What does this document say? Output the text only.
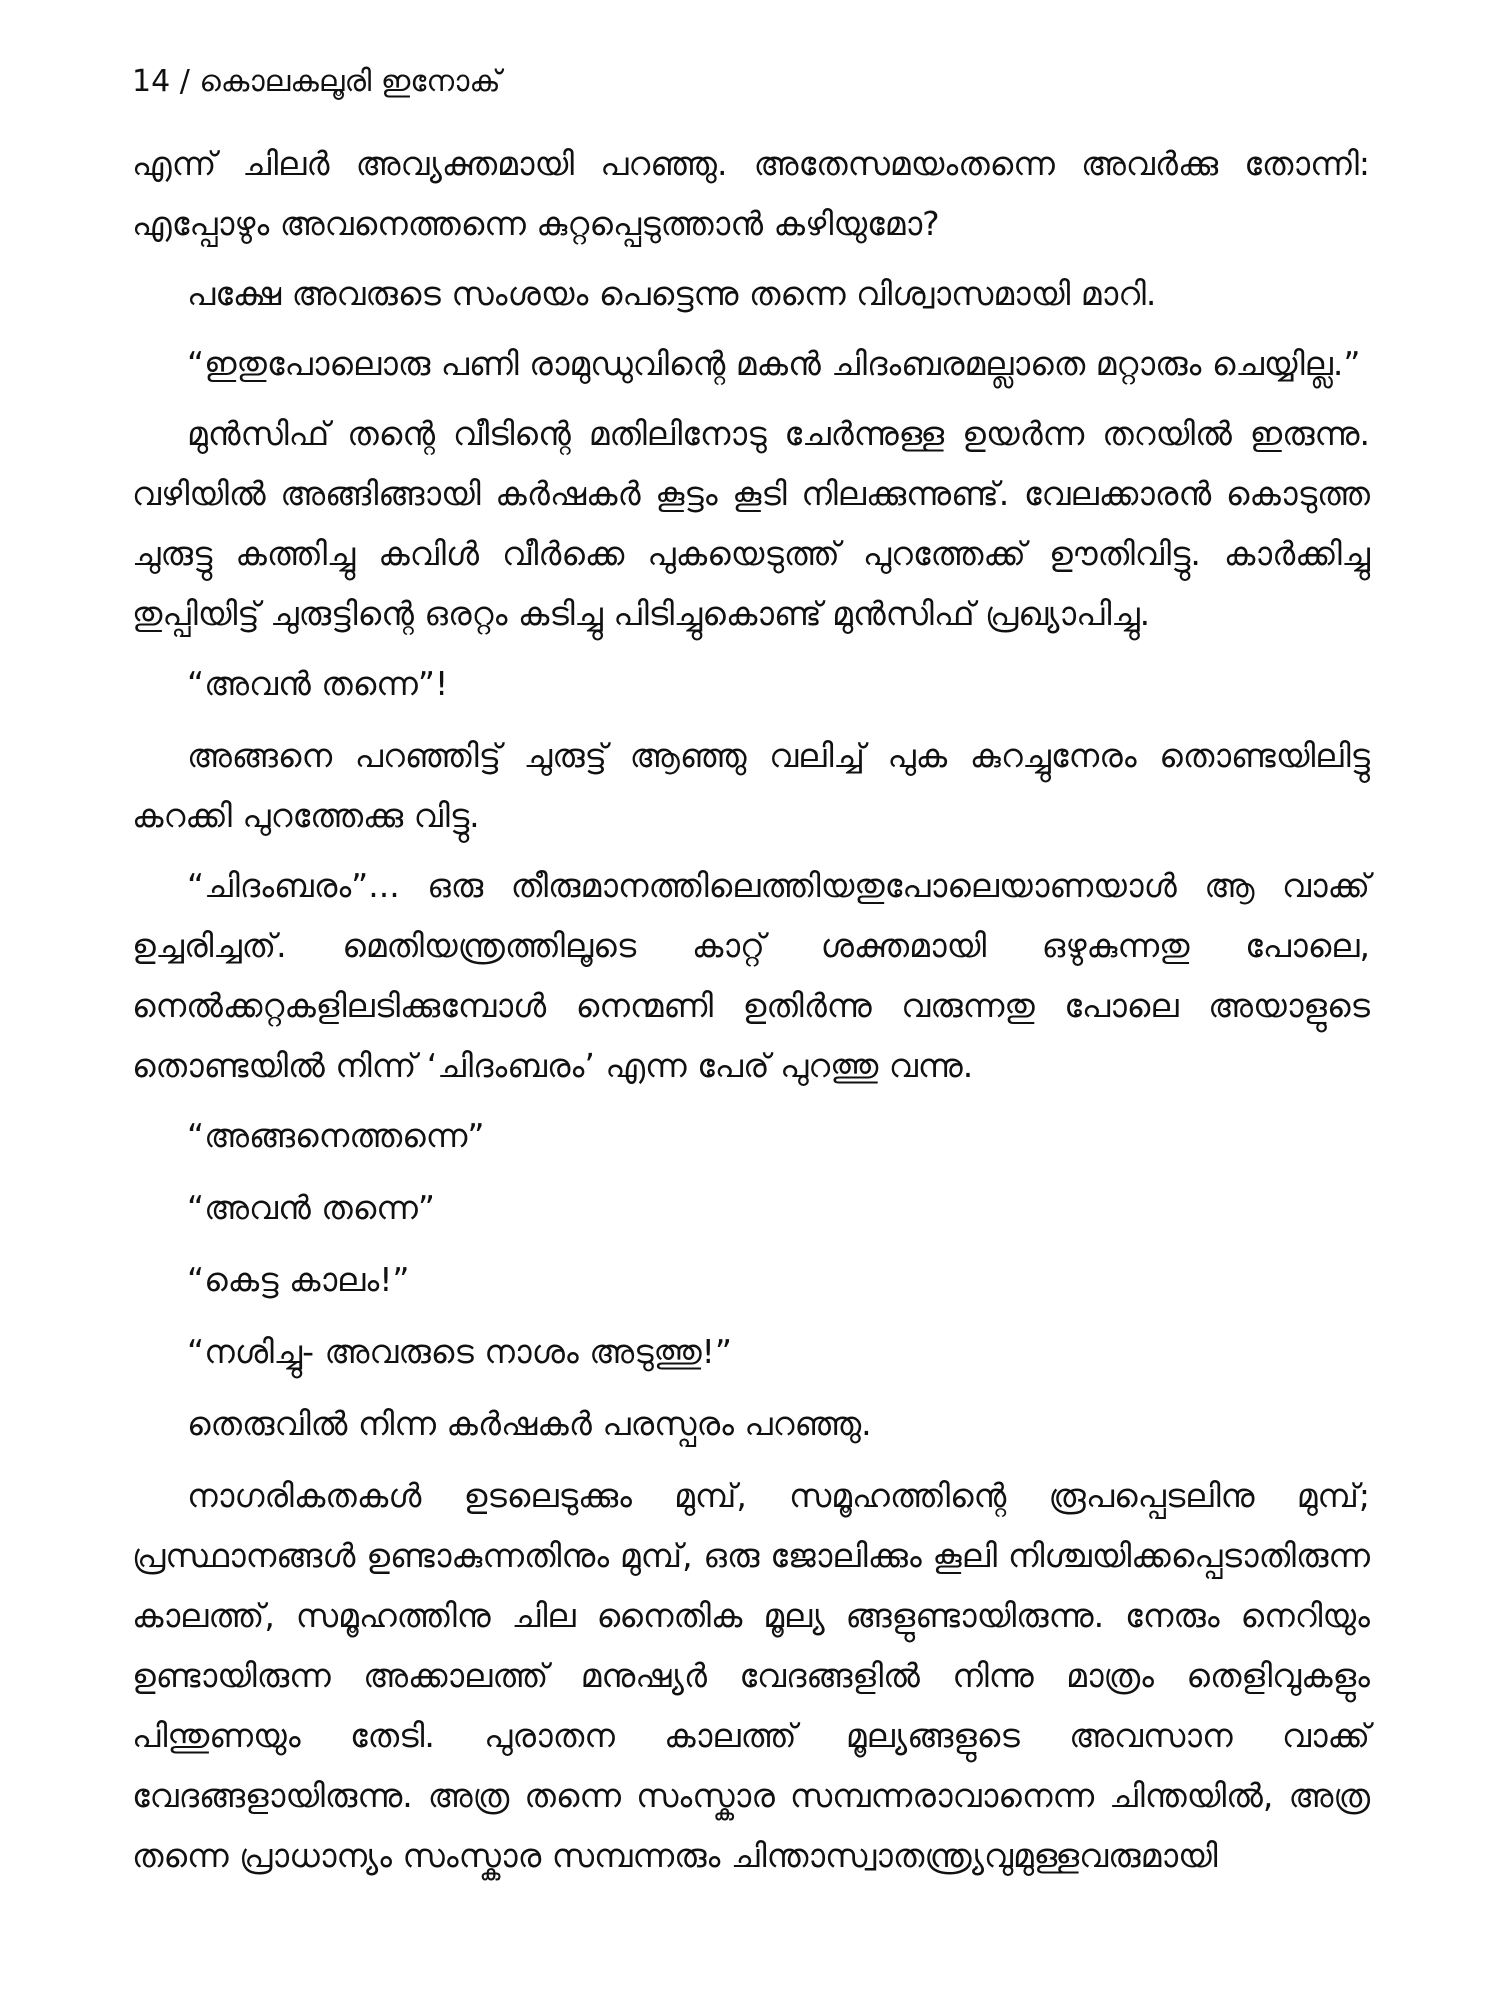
14 / കൊലകലൂരി ഇനോക്

എന്ന് ചിലർ അവ്യക്തമായി പറഞ്ഞു. അതേസമയംതന്നെ അവർക്കു തോന്നി: എപ്പോഴും അവനെത്തന്നെ കുറ്റപ്പെടുത്താൻ കഴിയുമോ?

പക്ഷേ അവരുടെ സംശയം പെട്ടെന്നു തന്നെ വിശ്വാസമായി മാറി.

“ഇതുപോലൊരു പണി രാമുഡുവിന്റെ മകൻ ചിദംബരമല്ലാതെ മറ്റാരും ചെയ്യില്ല.”

മുൻസിഫ് തന്റെ വീടിന്റെ മതിലിനോടു ചേർന്നുള്ള ഉയർന്ന തറയിൽ ഇരുന്നു. വഴിയിൽ അങ്ങിങ്ങായി കർഷകർ കൂട്ടം കൂടി നിലക്കുന്നുണ്ട്. വേലക്കാരൻ കൊടുത്ത ചുരുട്ടു കത്തിച്ചു കവിൾ വീർക്കെ പുകയെടുത്ത് പുറത്തേക്ക് ഊതിവിട്ടു. കാർക്കിച്ചു തുപ്പിയിട്ട് ചുരുട്ടിന്റെ ഒരറ്റം കടിച്ചു പിടിച്ചുകൊണ്ട് മുൻസിഫ് പ്രഖ്യാപിച്ചു.

“അവൻ തന്നെ”!

അങ്ങനെ പറഞ്ഞിട്ട് ചുരുട്ട് ആഞ്ഞു വലിച്ച് പുക കുറച്ചുനേരം തൊണ്ടയിലിട്ടു കറക്കി പുറത്തേക്കു വിട്ടു.

“ചിദംബരം”... ഒരു തീരുമാനത്തിലെത്തിയതുപോലെയാണയാൾ ആ വാക്ക് ഉച്ചരിച്ചത്. മെതിയന്ത്രത്തിലൂടെ കാറ്റ് ശക്തമായി ഒഴുകുന്നതു പോലെ, നെൽക്കറ്റകളിലടിക്കുമ്പോൾ നെന്മണി ഉതിർന്നു വരുന്നതു പോലെ അയാളുടെ തൊണ്ടയിൽ നിന്ന് ‘ചിദംബരം’ എന്ന പേര് പുറത്തു വന്നു.

“അങ്ങനെത്തന്നെ”

“അവൻ തന്നെ”

“കെട്ട കാലം!”

“നശിച്ചു- അവരുടെ നാശം അടുത്തു!”

തെരുവിൽ നിന്ന കർഷകർ പരസ്പരം പറഞ്ഞു.

നാഗരികതകൾ ഉടലെടുക്കും മുമ്പ്, സമൂഹത്തിന്റെ രൂപപ്പെടലിനു മുമ്പ്; പ്രസ്ഥാനങ്ങൾ ഉണ്ടാകുന്നതിനും മുമ്പ്, ഒരു ജോലിക്കും കൂലി നിശ്ചയിക്കപ്പെടാതിരുന്ന കാലത്ത്, സമൂഹത്തിനു ചില നൈതിക മൂല്യ ങ്ങളുണ്ടായിരുന്നു. നേരും നെറിയും ഉണ്ടായിരുന്ന അക്കാലത്ത് മനുഷ്യർ വേദങ്ങളിൽ നിന്നു മാത്രം തെളിവുകളും പിന്തുണയും തേടി. പുരാതന കാലത്ത് മൂല്യങ്ങളുടെ അവസാന വാക്ക് വേദങ്ങളായിരുന്നു. അത്ര തന്നെ സംസ്കാര സമ്പന്നരാവാനെന്ന ചിന്തയിൽ, അത്ര തന്നെ പ്രാധാന്യം സംസ്കാര സമ്പന്നരും ചിന്താസ്വാതന്ത്ര്യവുമുള്ളവരുമായി
